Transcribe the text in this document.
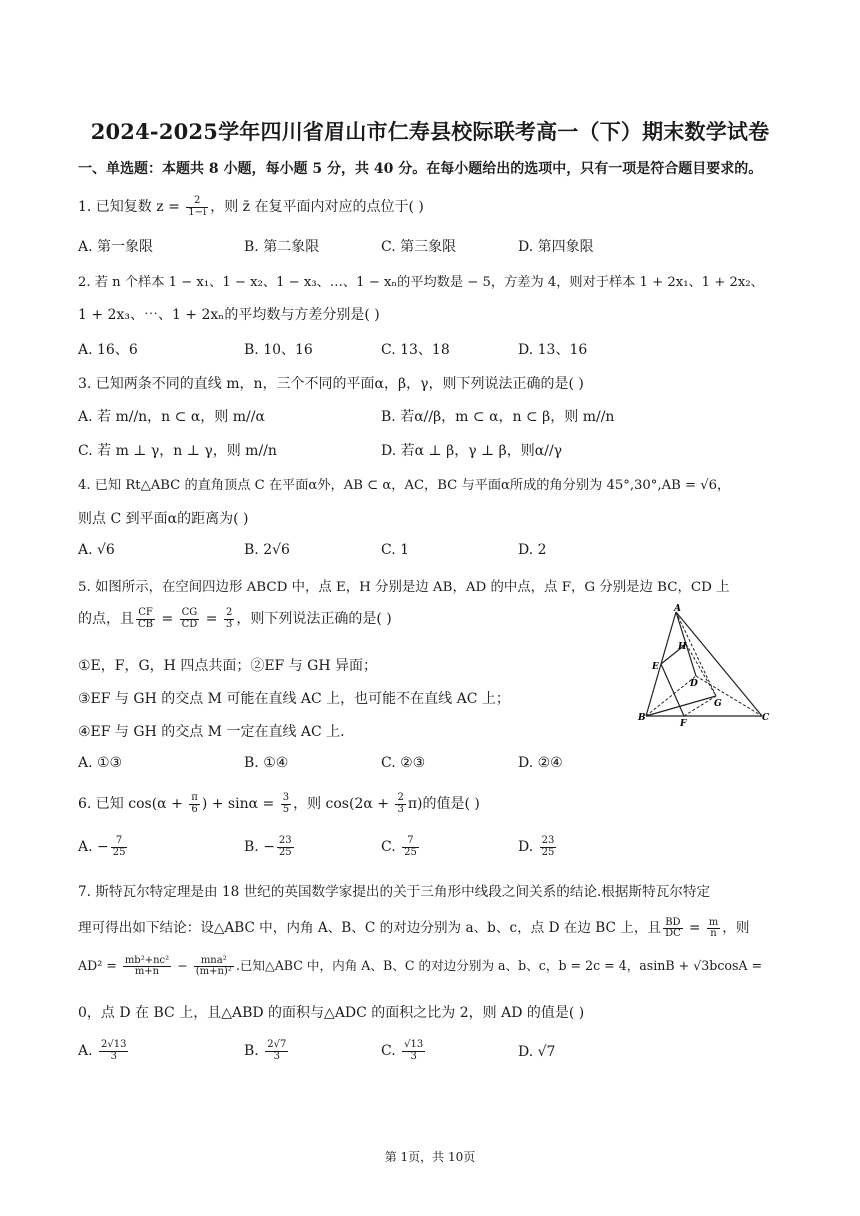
2024-2025学年四川省眉山市仁寿县校际联考高一（下）期末数学试卷
一、单选题：本题共 8 小题，每小题 5 分，共 40 分。在每小题给出的选项中，只有一项是符合题目要求的。
1. 已知复数 $z = \frac{2}{1-i}$ ，则 z̄ 在复平面内对应的点位于( )
A. 第一象限	B. 第二象限	C. 第三象限	D. 第四象限
2. 若 n 个样本 1 − x₁、1 − x₂、1 − x₃、…、1 − xₙ的平均数是 − 5，方差为 4，则对于样本 1 + 2x₁、1 + 2x₂、
1 + 2x₃、⋯、1 + 2xₙ的平均数与方差分别是( )
A. 16、6	B. 10、16	C. 13、18	D. 13、16
3. 已知两条不同的直线 m，n，三个不同的平面α，β，γ，则下列说法正确的是( )
A. 若 m//n，n ⊂ α，则 m//α	B. 若α//β，m ⊂ α，n ⊂ β，则 m//n
C. 若 m ⊥ γ，n ⊥ γ，则 m//n	D. 若α ⊥ β，γ ⊥ β，则α//γ
4. 已知 Rt△ABC 的直角顶点 C 在平面α外，AB ⊂ α，AC，BC 与平面α所成的角分别为 45°,30°,AB = √6，
则点 C 到平面α的距离为( )
A. √6	B. 2√6	C. 1	D. 2
5. 如图所示，在空间四边形 ABCD 中，点 E，H 分别是边 AB，AD 的中点，点 F，G 分别是边 BC，CD 上
的点，且 $\frac{CF}{CB} = \frac{CG}{CD} = \frac{2}{3}$ ，则下列说法正确的是( )
①E，F，G，H 四点共面；②EF 与 GH 异面；
③EF 与 GH 的交点 M 可能在直线 AC 上，也可能不在直线 AC 上；
④EF 与 GH 的交点 M 一定在直线 AC 上.
A. ①③	B. ①④	C. ②③	D. ②④
A
H
E
D
G
B
F
C
6. 已知 $\cos(\alpha + \frac{\pi}{6}$ ) + $\sin\alpha = \frac{3}{5}$ ，则 $\cos(2\alpha + \frac{2}{3} \pi)$的值是( )
A. − $\frac{7}{25}$	B. − $\frac{23}{25}$	C. $\frac{7}{25}$	D. $\frac{23}{25}$
7. 斯特瓦尔特定理是由 18 世纪的英国数学家提出的关于三角形中线段之间关系的结论.根据斯特瓦尔特定
理可得出如下结论：设△ABC 中，内角 A、B、C 的对边分别为 a、b、c，点 D 在边 BC 上，且 $\frac{BD}{DC} = \frac{m}{n}$ ，则
$AD^2 = \frac{\text{mb²+nc²}}{m+n} - \frac{\text{mna²}}{\text{(m+n)²}}$ .已知△ABC 中，内角 A、B、C 的对边分别为 a、b、c，b = 2c = 4，asinB + √3bcosA =
0，点 D 在 BC 上，且△ABD 的面积与△ADC 的面积之比为 2，则 AD 的值是( )
A. $\frac{2√13}{3}$	B. $\frac{2√7}{3}$	C. $\frac{√13}{3}$	D. √7
第 1页，共 10页
